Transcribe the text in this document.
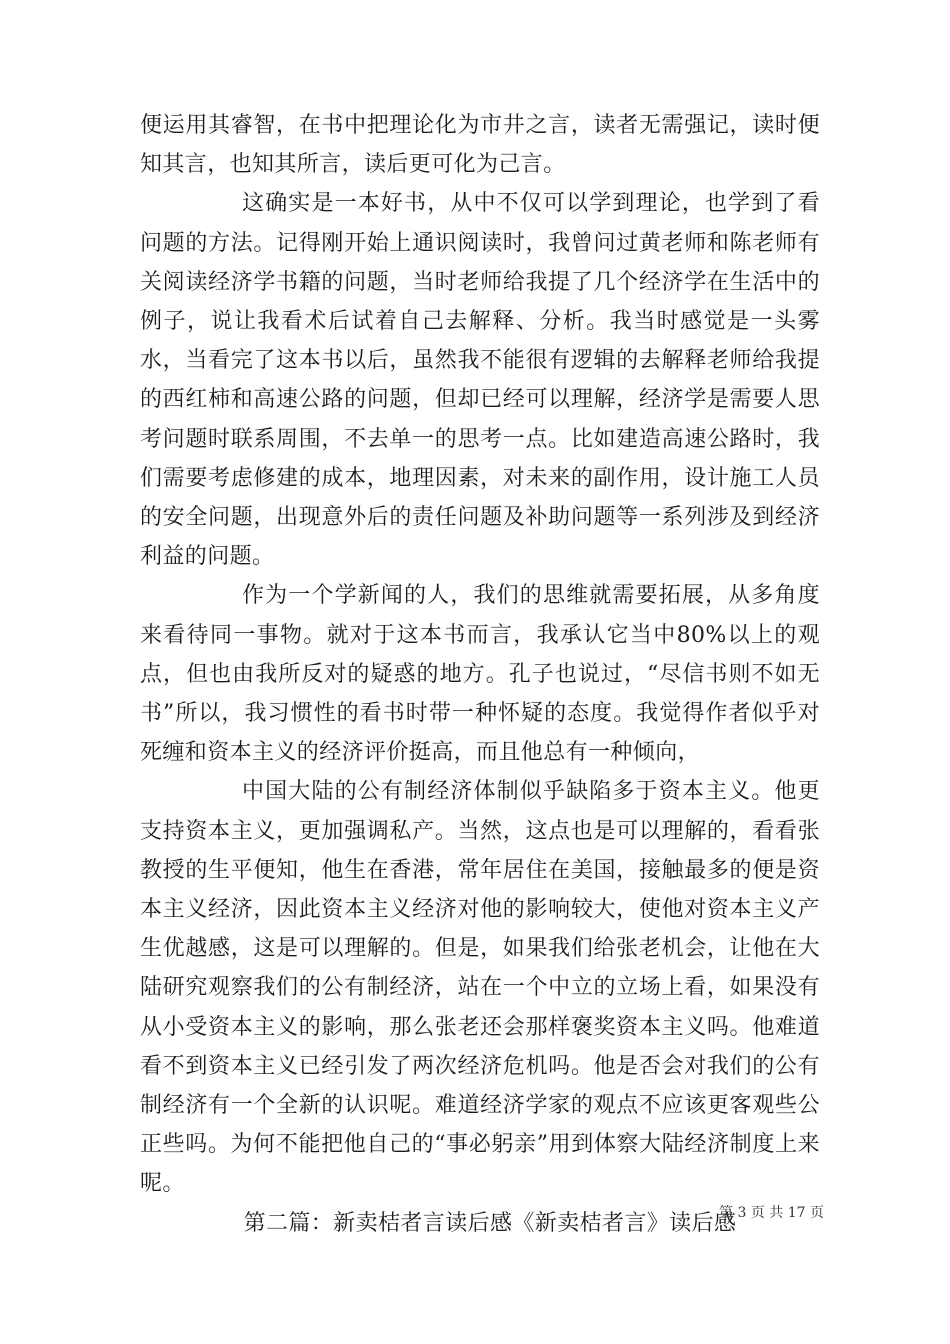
便运用其睿智，在书中把理论化为市井之言，读者无需强记，读时便知其言，也知其所言，读后更可化为己言。

这确实是一本好书，从中不仅可以学到理论，也学到了看问题的方法。记得刚开始上通识阅读时，我曾问过黄老师和陈老师有关阅读经济学书籍的问题，当时老师给我提了几个经济学在生活中的例子，说让我看术后试着自己去解释、分析。我当时感觉是一头雾水，当看完了这本书以后，虽然我不能很有逻辑的去解释老师给我提的西红柿和高速公路的问题，但却已经可以理解，经济学是需要人思考问题时联系周围，不去单一的思考一点。比如建造高速公路时，我们需要考虑修建的成本，地理因素，对未来的副作用，设计施工人员的安全问题，出现意外后的责任问题及补助问题等一系列涉及到经济利益的问题。

作为一个学新闻的人，我们的思维就需要拓展，从多角度来看待同一事物。就对于这本书而言，我承认它当中80%以上的观点，但也由我所反对的疑惑的地方。孔子也说过，“尽信书则不如无书”所以，我习惯性的看书时带一种怀疑的态度。我觉得作者似乎对死缠和资本主义的经济评价挺高，而且他总有一种倾向，

中国大陆的公有制经济体制似乎缺陷多于资本主义。他更支持资本主义，更加强调私产。当然，这点也是可以理解的，看看张教授的生平便知，他生在香港，常年居住在美国，接触最多的便是资本主义经济，因此资本主义经济对他的影响较大，使他对资本主义产生优越感，这是可以理解的。但是，如果我们给张老机会，让他在大陆研究观察我们的公有制经济，站在一个中立的立场上看，如果没有从小受资本主义的影响，那么张老还会那样褒奖资本主义吗。他难道看不到资本主义已经引发了两次经济危机吗。他是否会对我们的公有制经济有一个全新的认识呢。难道经济学家的观点不应该更客观些公正些吗。为何不能把他自己的“事必躬亲”用到体察大陆经济制度上来呢。

第二篇：新卖桔者言读后感《新卖桔者言》读后感

第 3 页 共 17 页
